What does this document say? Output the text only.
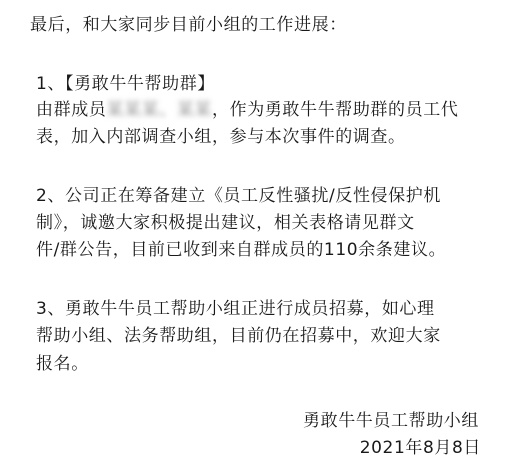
最后，和大家同步目前小组的工作进展：
1、【勇敢牛牛帮助群】
由群成员某某某、某某，作为勇敢牛牛帮助群的员工代
表，加入内部调查小组，参与本次事件的调查。
2、公司正在筹备建立《员工反性骚扰/反性侵保护机
制》，诚邀大家积极提出建议，相关表格请见群文
件/群公告，目前已收到来自群成员的110余条建议。
3、勇敢牛牛员工帮助小组正进行成员招募，如心理
帮助小组、法务帮助组，目前仍在招募中，欢迎大家
报名。
勇敢牛牛员工帮助小组
2021年8月8日
